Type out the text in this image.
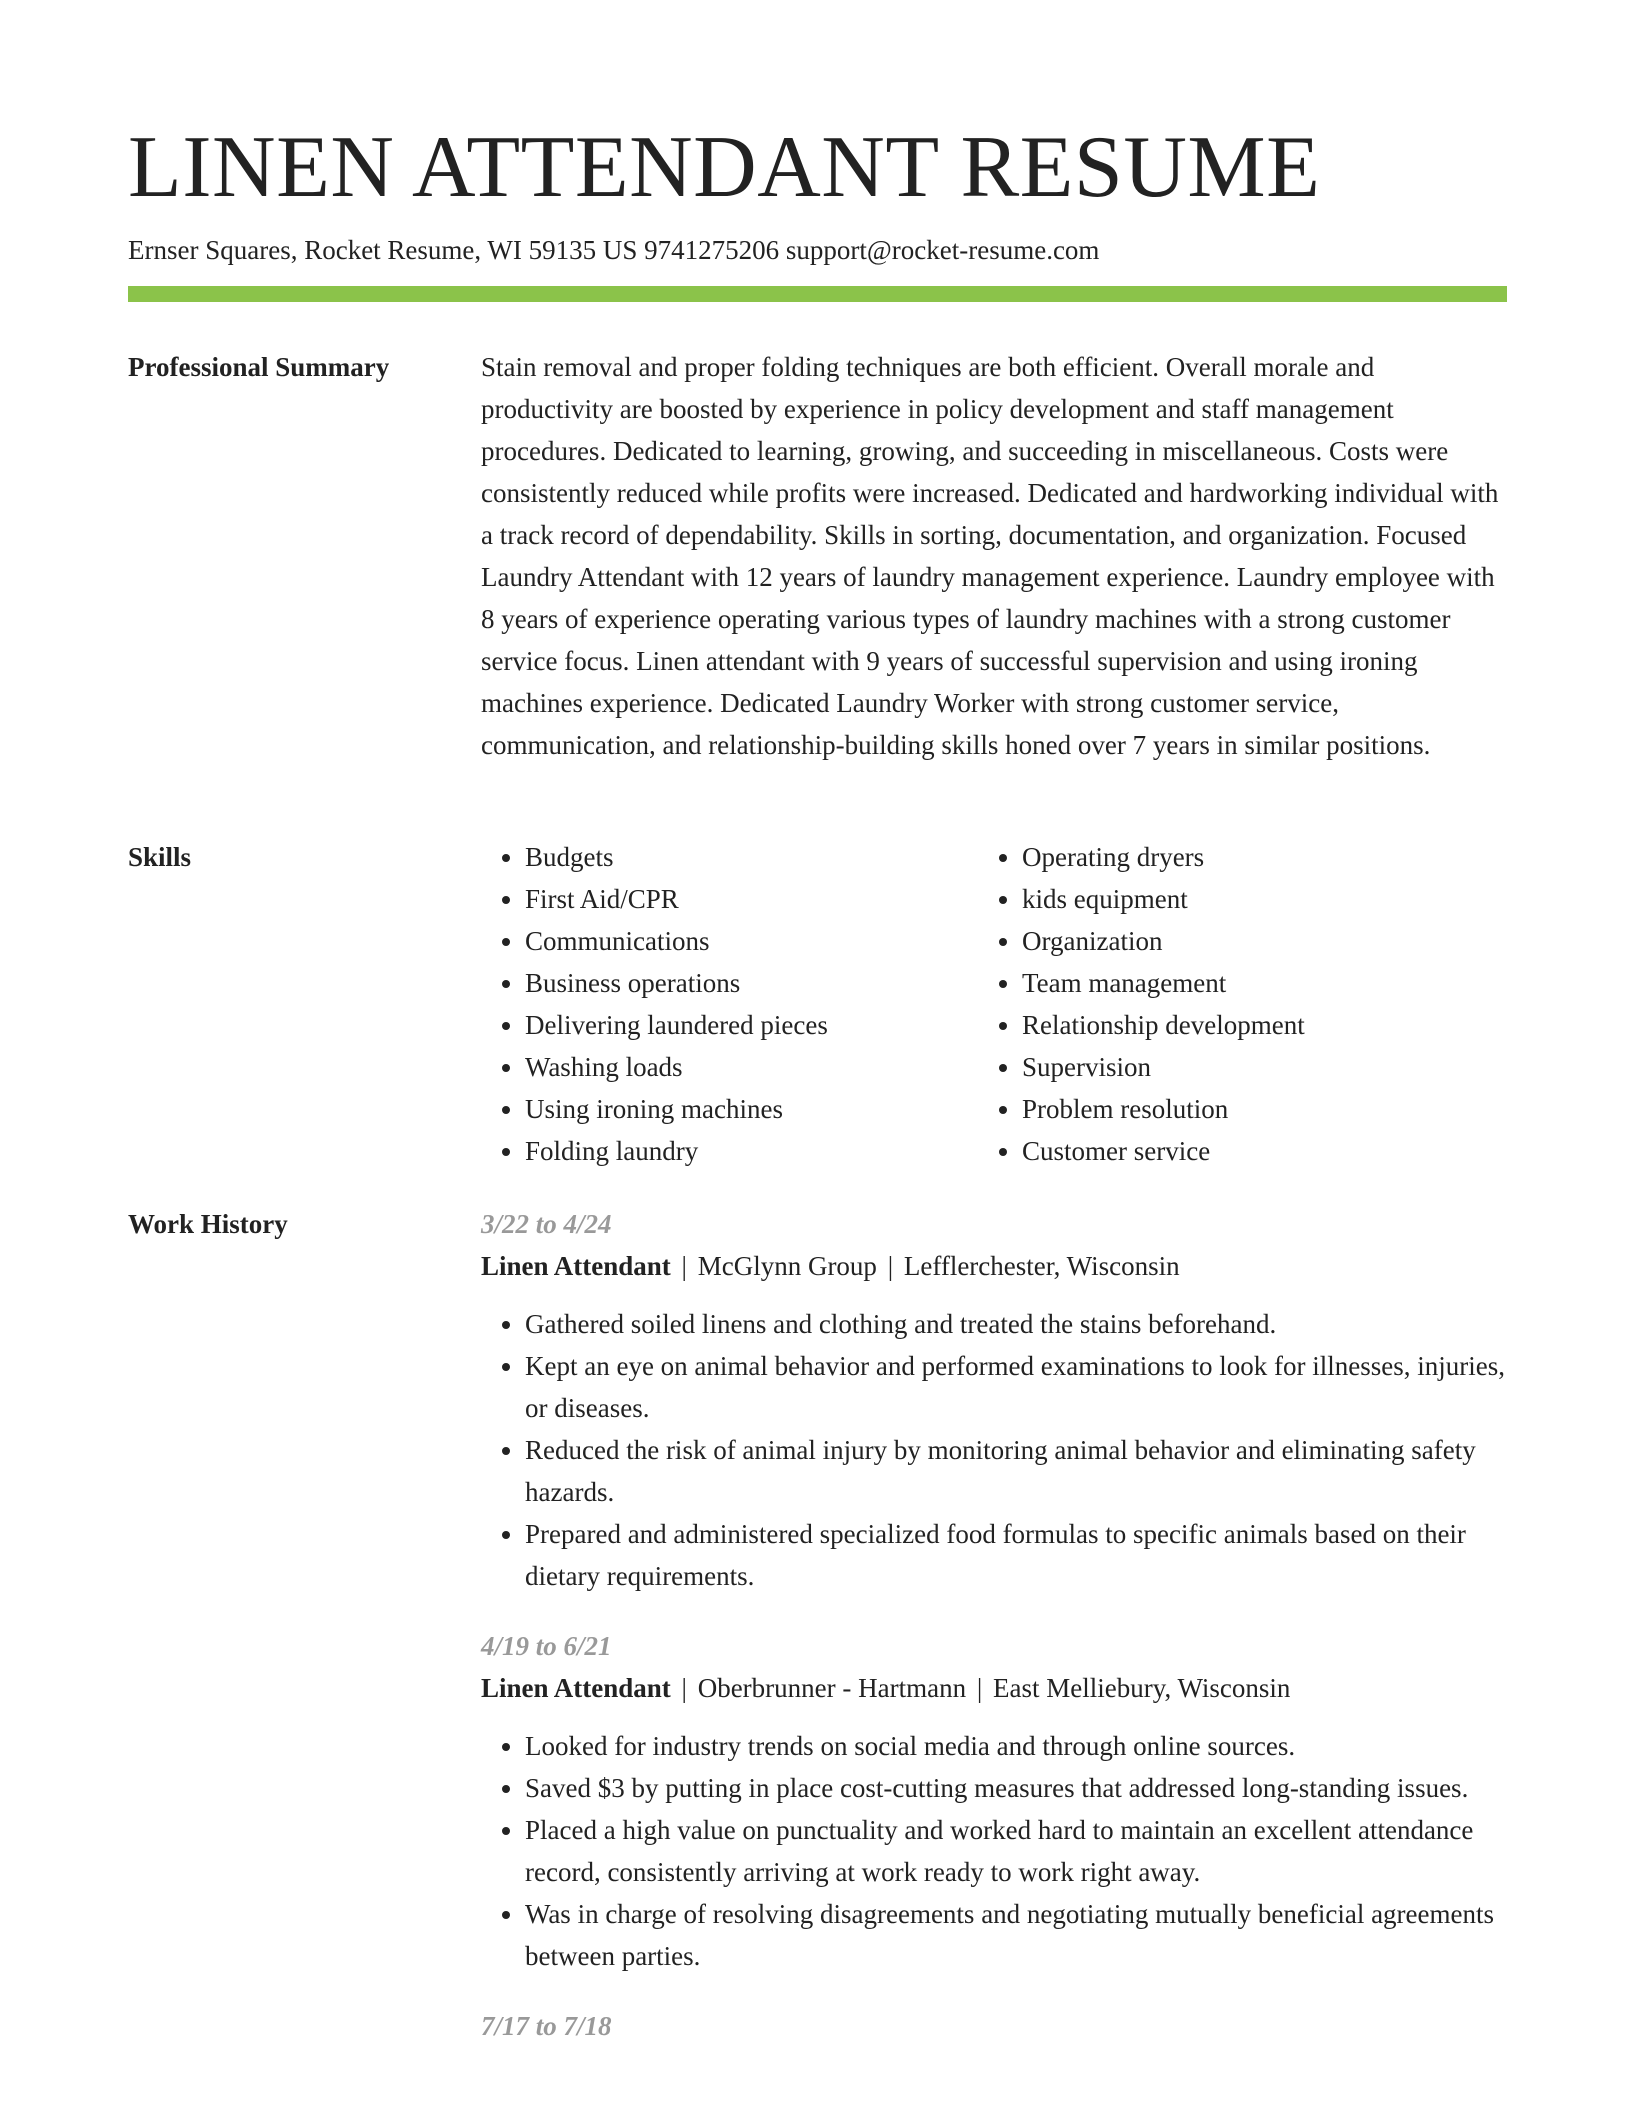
LINEN ATTENDANT RESUME
Ernser Squares, Rocket Resume, WI 59135 US 9741275206 support@rocket-resume.com
Professional Summary	Stain removal and proper folding techniques are both efficient. Overall morale and productivity are boosted by experience in policy development and staff management procedures. Dedicated to learning, growing, and succeeding in miscellaneous. Costs were consistently reduced while profits were increased. Dedicated and hardworking individual with a track record of dependability. Skills in sorting, documentation, and organization. Focused Laundry Attendant with 12 years of laundry management experience. Laundry employee with 8 years of experience operating various types of laundry machines with a strong customer service focus. Linen attendant with 9 years of successful supervision and using ironing machines experience. Dedicated Laundry Worker with strong customer service, communication, and relationship-building skills honed over 7 years in similar positions.

Skills
•	Budgets
• First Aid/CPR
• Communications
• Business operations
• Delivering laundered pieces
• Washing loads
• Using ironing machines
• Folding laundry
• Operating dryers
• kids equipment
• Organization
• Team management
• Relationship development
• Supervision
• Problem resolution
• Customer service
Work History	3/22 to 4/24
Linen Attendant | McGlynn Group | Lefflerchester, Wisconsin
• Gathered soiled linens and clothing and treated the stains beforehand.
• Kept an eye on animal behavior and performed examinations to look for illnesses, injuries, or diseases.
• Reduced the risk of animal injury by monitoring animal behavior and eliminating safety hazards.
• Prepared and administered specialized food formulas to specific animals based on their dietary requirements.
4/19 to 6/21
Linen Attendant | Oberbrunner - Hartmann | East Melliebury, Wisconsin
• Looked for industry trends on social media and through online sources.
• Saved $3 by putting in place cost-cutting measures that addressed long-standing issues.
• Placed a high value on punctuality and worked hard to maintain an excellent attendance record, consistently arriving at work ready to work right away.
• Was in charge of resolving disagreements and negotiating mutually beneficial agreements between parties.
7/17 to 7/18
